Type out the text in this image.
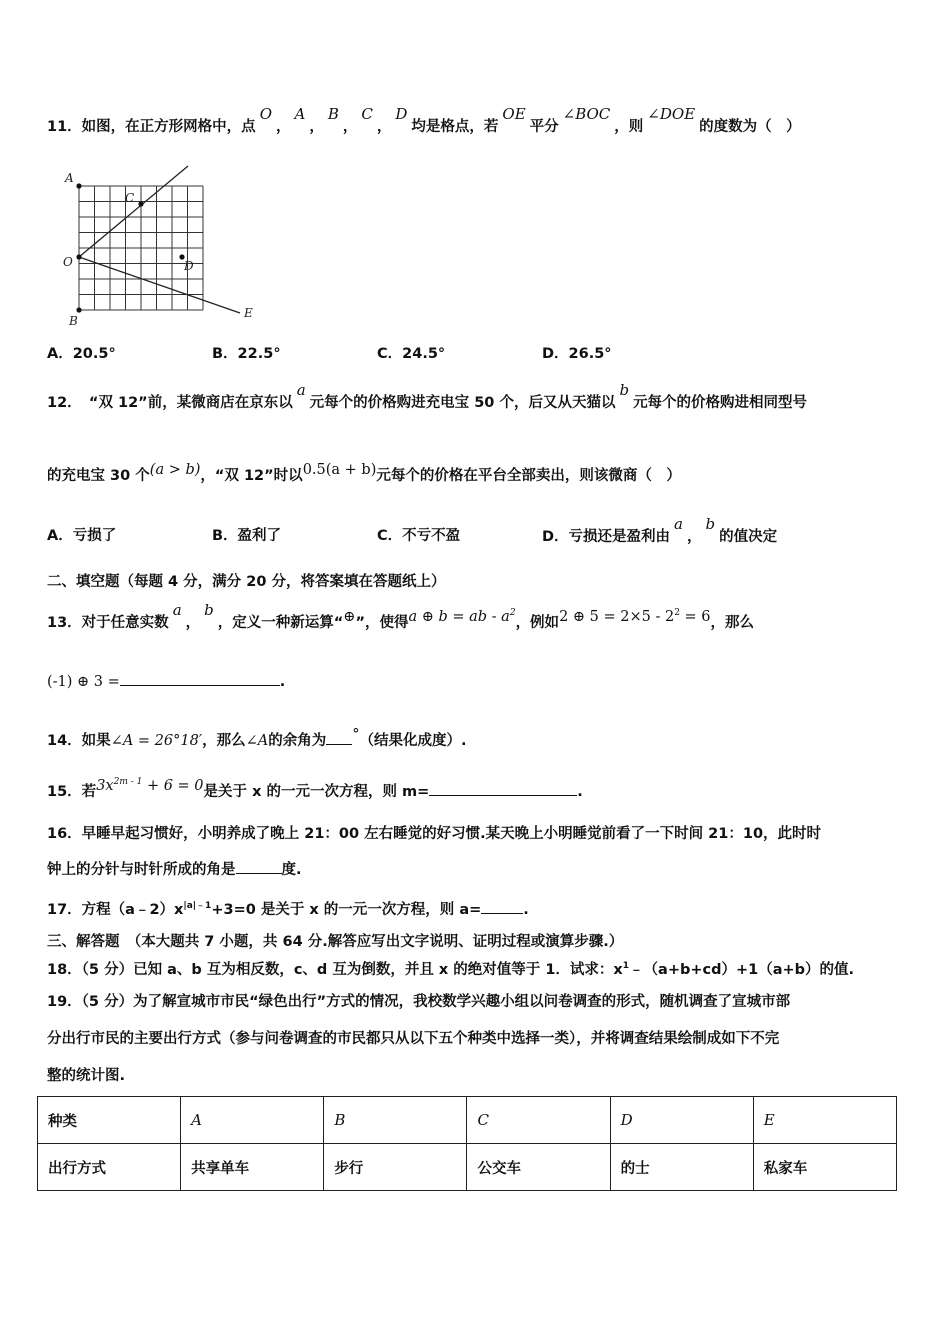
11．如图，在正方形网格中，点O，A，B，C，D均是格点，若OE平分∠BOC，则∠DOE的度数为（　）
A
C
O	D
B
E
A．20.5°	B．22.5°	C．24.5°	D．26.5°
12．　“双 12”前，某微商店在京东以a元每个的价格购进充电宝 50 个，后又从天猫以b元每个的价格购进相同型号
的充电宝 30 个(a > b)，“双 12”时以0.5(a + b)元每个的价格在平台全部卖出，则该微商（　）
A．亏损了	B．盈利了	C．不亏不盈	D．亏损还是盈利由a，b的值决定
二、填空题（每题 4 分，满分 20 分，将答案填在答题纸上）
13．对于任意实数a，b，定义一种新运算“⊕”，使得a ⊕ b = ab - $a^2$，例如2 ⊕ $5 = 2\times 5 - 2^2 = 6$，那么
(-1) ⊕ 3 =	.
14．如果∠A = 26°18′，那么∠A的余角为 °（结果化成度）.
15．若$3x^{2m - 1} + 6 = 0$是关于 x 的一元一次方程，则 m=	.
16．早睡早起习惯好，小明养成了晚上 21：00 左右睡觉的好习惯.某天晚上小明睡觉前看了一下时间 21：10，此时时
钟上的分针与时针所成的角是	度.
17．方程$(a﹣2)x^{|a|﹣1}+3=0$ 是关于 x 的一元一次方程，则 a=	.
三、解答题　（本大题共 7 小题，共 64 分.解答应写出文字说明、证明过程或演算步骤.）
18．（5 分）已知 a、b 互为相反数，c、d 互为倒数，并且 x 的绝对值等于 1．试求：$x^1﹣(a+b+cd)+1(a+b)$的值.
19．（5 分）为了解宣城市市民“绿色出行”方式的情况，我校数学兴趣小组以问卷调查的形式，随机调查了宣城市部
分出行市民的主要出行方式（参与问卷调查的市民都只从以下五个种类中选择一类），并将调查结果绘制成如下不完
整的统计图.
种类	A	B	C	D	E
出行方式	共享单车	步行	公交车	的士	私家车
